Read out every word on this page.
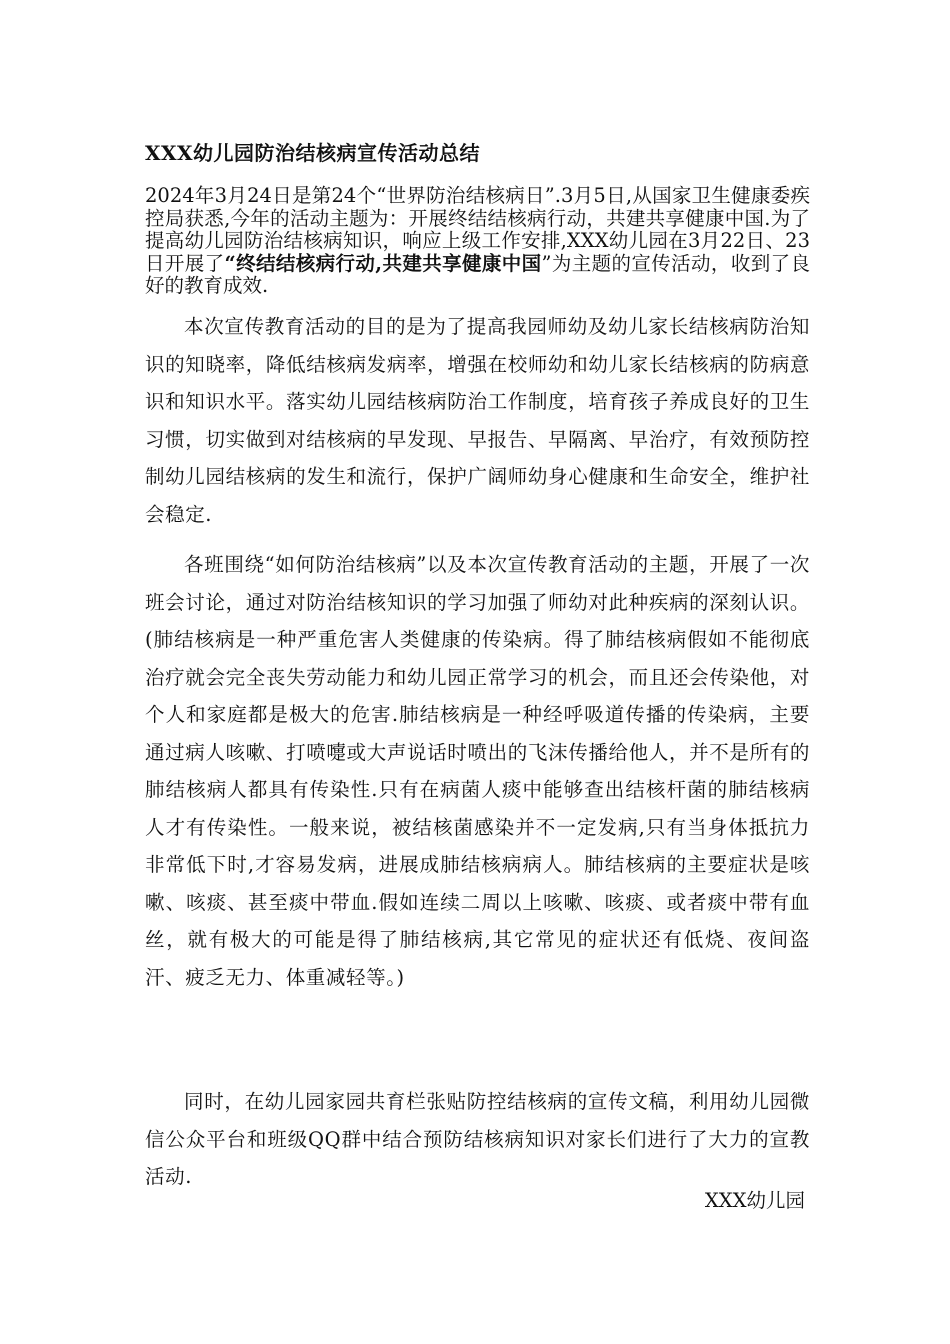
XXX幼儿园防治结核病宣传活动总结
2024年3月24日是第24个“世界防治结核病日”.3月5日,从国家卫生健康委疾控局获悉,今年的活动主题为：开展终结结核病行动，共建共享健康中国.为了提高幼儿园防治结核病知识，响应上级工作安排,XXX幼儿园在3月22日、23日开展了“终结结核病行动,共建共享健康中国”为主题的宣传活动，收到了良好的教育成效.
本次宣传教育活动的目的是为了提高我园师幼及幼儿家长结核病防治知识的知晓率，降低结核病发病率，增强在校师幼和幼儿家长结核病的防病意识和知识水平。落实幼儿园结核病防治工作制度，培育孩子养成良好的卫生习惯，切实做到对结核病的早发现、早报告、早隔离、早治疗，有效预防控制幼儿园结核病的发生和流行，保护广阔师幼身心健康和生命安全，维护社会稳定.
各班围绕“如何防治结核病”以及本次宣传教育活动的主题，开展了一次班会讨论，通过对防治结核知识的学习加强了师幼对此种疾病的深刻认识。(肺结核病是一种严重危害人类健康的传染病。得了肺结核病假如不能彻底治疗就会完全丧失劳动能力和幼儿园正常学习的机会，而且还会传染他，对个人和家庭都是极大的危害.肺结核病是一种经呼吸道传播的传染病，主要通过病人咳嗽、打喷嚏或大声说话时喷出的飞沫传播给他人，并不是所有的肺结核病人都具有传染性.只有在病菌人痰中能够查出结核杆菌的肺结核病人才有传染性。一般来说，被结核菌感染并不一定发病,只有当身体抵抗力非常低下时,才容易发病，进展成肺结核病病人。肺结核病的主要症状是咳嗽、咳痰、甚至痰中带血.假如连续二周以上咳嗽、咳痰、或者痰中带有血丝，就有极大的可能是得了肺结核病,其它常见的症状还有低烧、夜间盗汗、疲乏无力、体重减轻等。)
同时，在幼儿园家园共育栏张贴防控结核病的宣传文稿，利用幼儿园微信公众平台和班级QQ群中结合预防结核病知识对家长们进行了大力的宣教活动.
XXX幼儿园
